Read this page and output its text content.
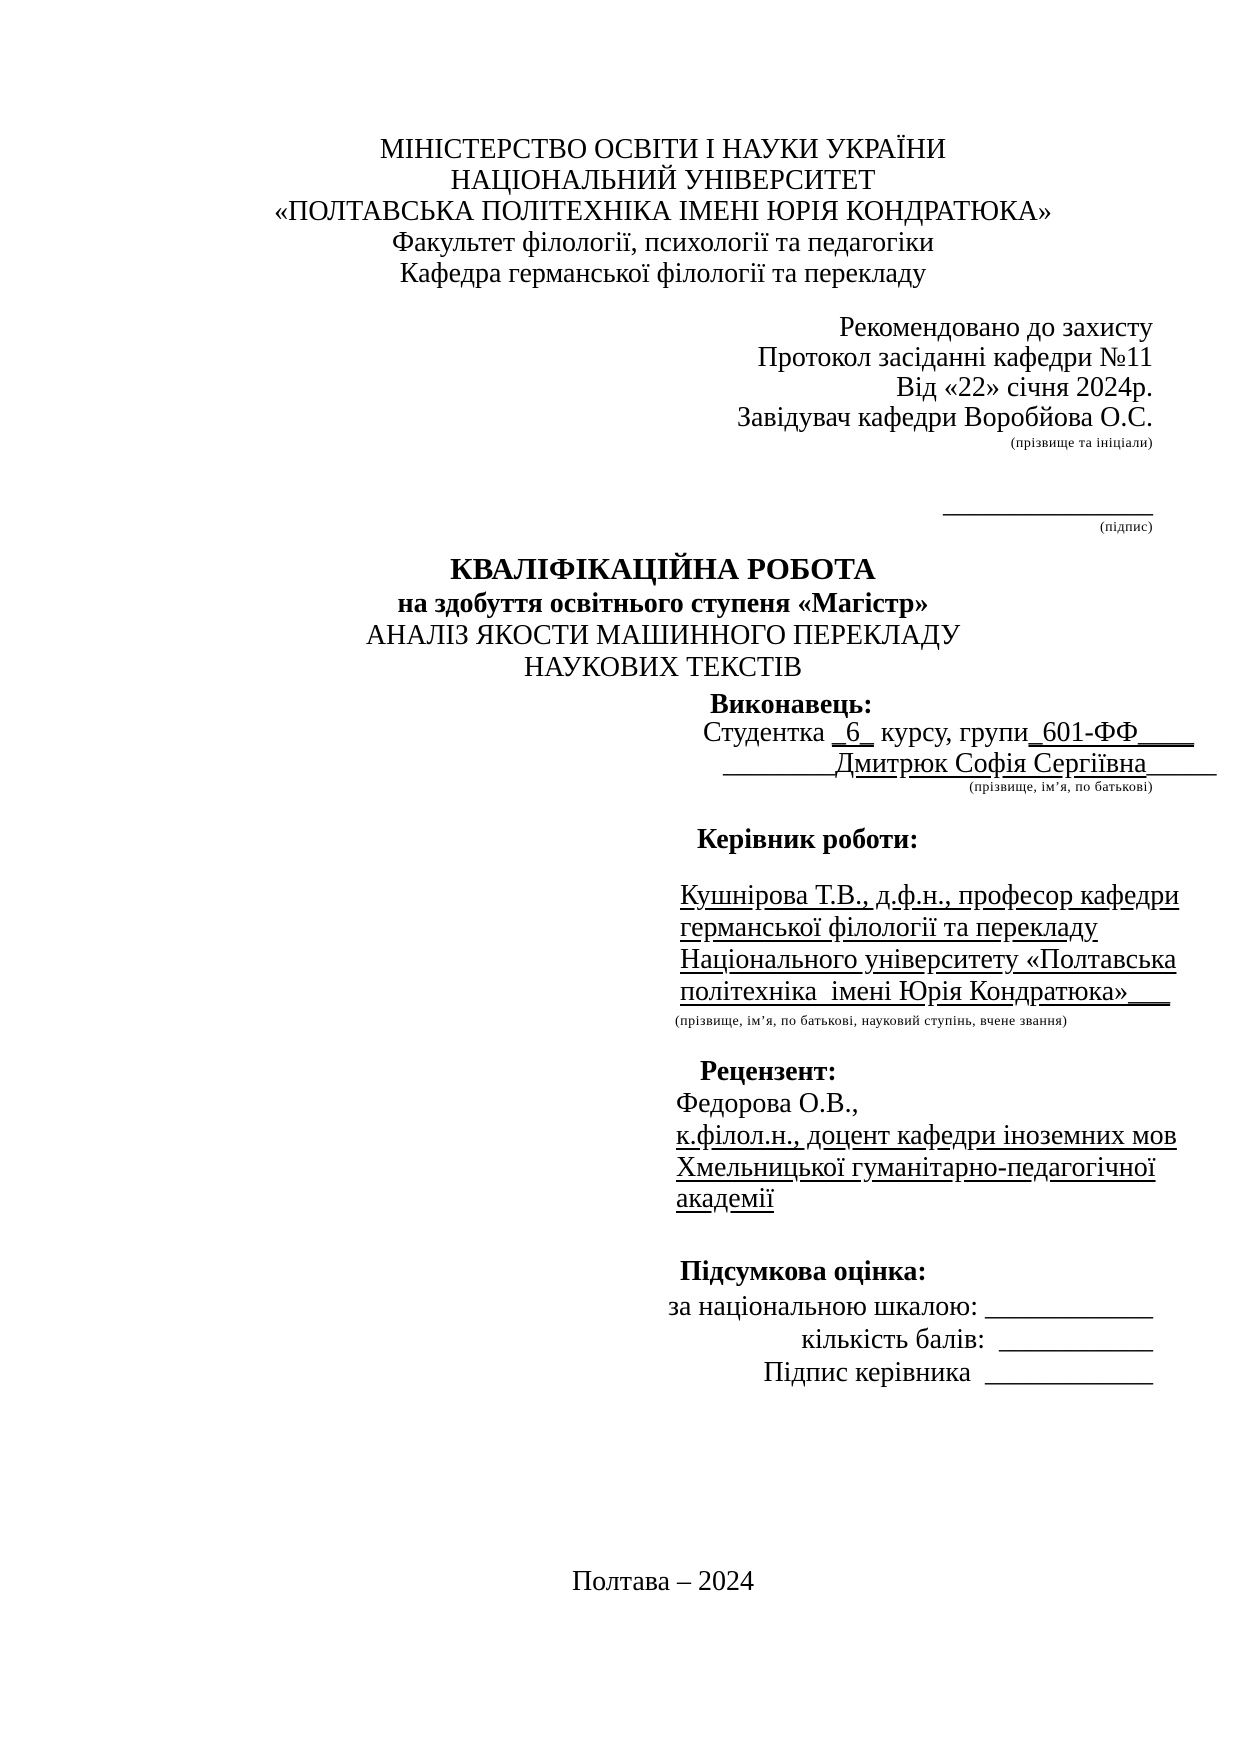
МІНІСТЕРСТВО ОСВІТИ І НАУКИ УКРАЇНИ
НАЦІОНАЛЬНИЙ УНІВЕРСИТЕТ
«ПОЛТАВСЬКА ПОЛІТЕХНІКА ІМЕНІ ЮРІЯ КОНДРАТЮКА»
Факультет філології, психології та педагогіки
Кафедра германської філології та перекладу
Рекомендовано до захисту
Протокол засіданні кафедри №11
Від «22» січня 2024р.
Завідувач кафедри Воробйова О.С.
(прізвище та ініціали)
_______________
(підпис)
КВАЛІФІКАЦІЙНА РОБОТА
на здобуття освітнього ступеня «Магістр»
АНАЛІЗ ЯКОСТИ МАШИННОГО ПЕРЕКЛАДУ
НАУКОВИХ ТЕКСТІВ
Виконавець:
Студентка _6_ курсу, групи_601-ФФ____
________Дмитрюк Софія Сергіївна_____
(прізвище, ім’я, по батькові)
Керівник роботи:
Кушнірова Т.В., д.ф.н., професор кафедри
германської філології та перекладу
Національного університету «Полтавська
політехніка  імені Юрія Кондратюка»___
(прізвище, ім’я, по батькові, науковий ступінь, вчене звання)
Рецензент:
Федорова О.В.,
к.філол.н., доцент кафедри іноземних мов
Хмельницької гуманітарно-педагогічної
академії
Підсумкова оцінка:
за національною шкалою: ____________
кількість балів:  ___________
Підпис керівника  ____________
Полтава – 2024
